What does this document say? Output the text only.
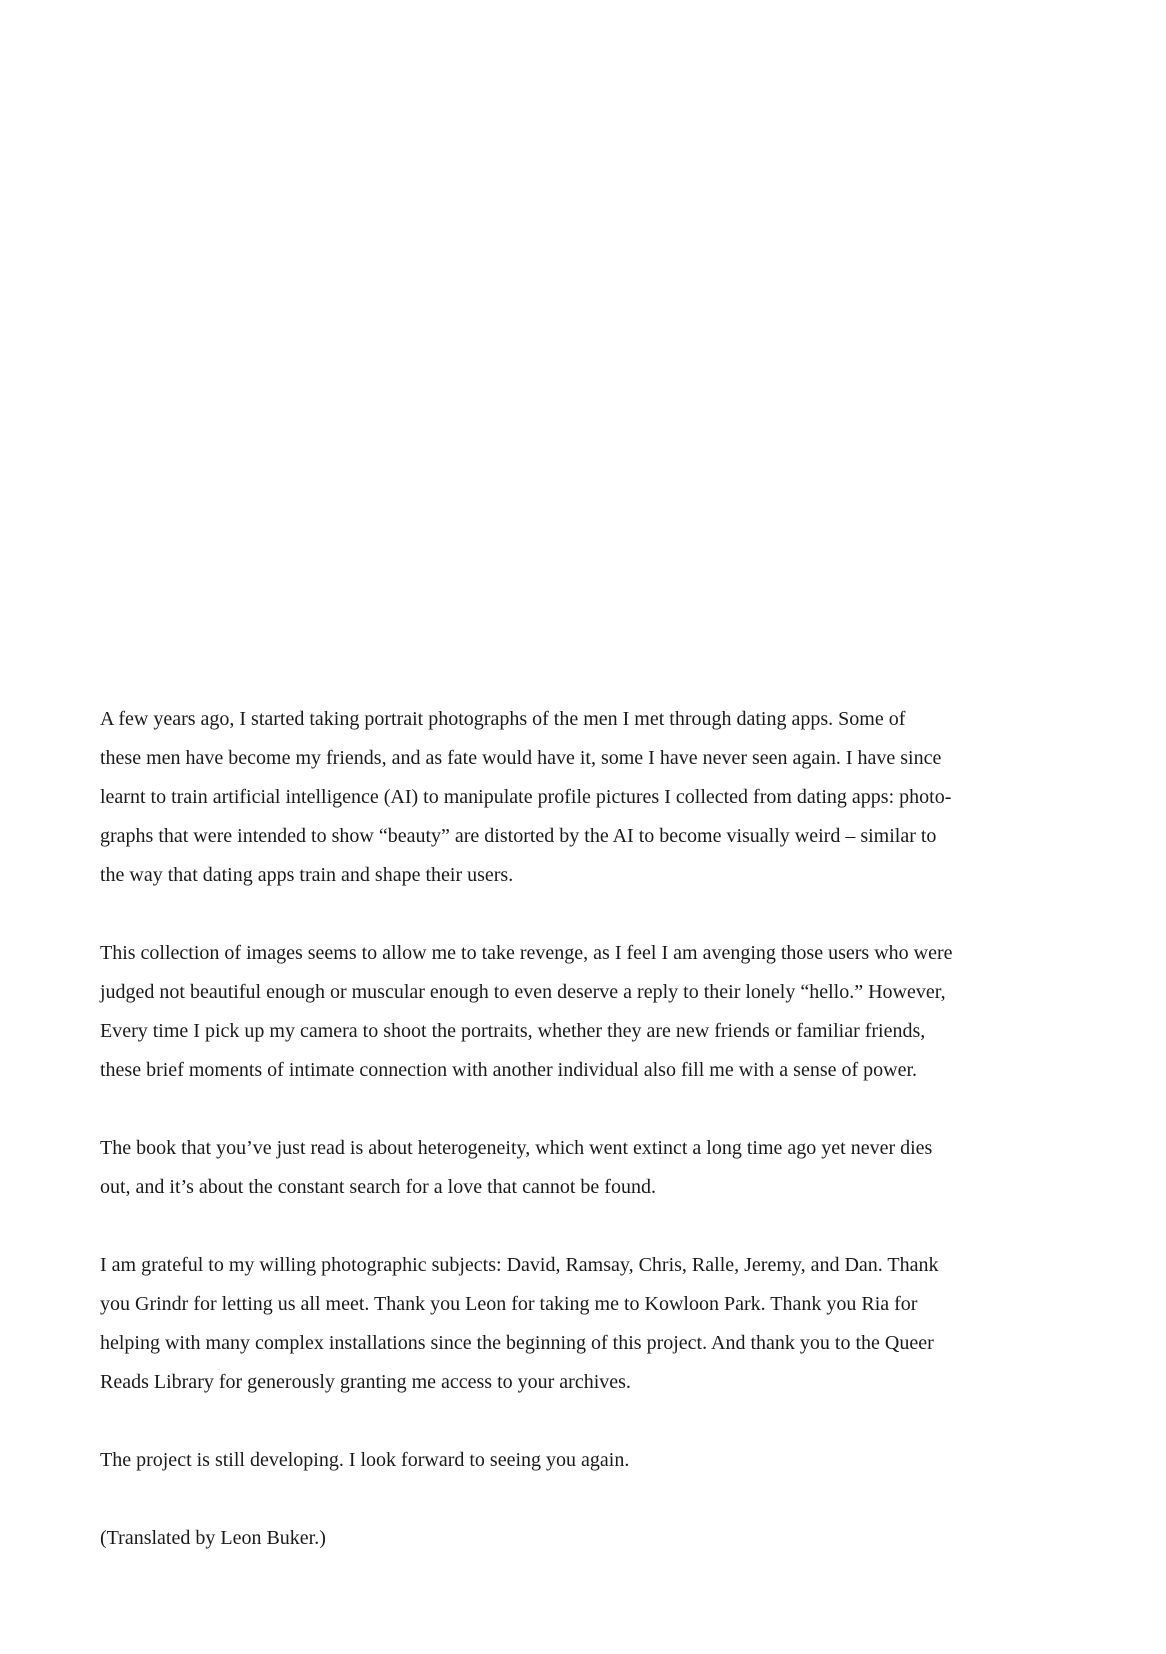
A few years ago, I started taking portrait photographs of the men I met through dating apps. Some of
these men have become my friends, and as fate would have it, some I have never seen again. I have since
learnt to train artificial intelligence (AI) to manipulate profile pictures I collected from dating apps: photo-
graphs that were intended to show “beauty” are distorted by the AI to become visually weird – similar to
the way that dating apps train and shape their users.

This collection of images seems to allow me to take revenge, as I feel I am avenging those users who were
judged not beautiful enough or muscular enough to even deserve a reply to their lonely “hello.” However,
Every time I pick up my camera to shoot the portraits, whether they are new friends or familiar friends,
these brief moments of intimate connection with another individual also fill me with a sense of power.

The book that you’ve just read is about heterogeneity, which went extinct a long time ago yet never dies
out, and it’s about the constant search for a love that cannot be found.

I am grateful to my willing photographic subjects: David, Ramsay, Chris, Ralle, Jeremy, and Dan. Thank
you Grindr for letting us all meet. Thank you Leon for taking me to Kowloon Park. Thank you Ria for
helping with many complex installations since the beginning of this project. And thank you to the Queer
Reads Library for generously granting me access to your archives.

The project is still developing. I look forward to seeing you again.

(Translated by Leon Buker.)
